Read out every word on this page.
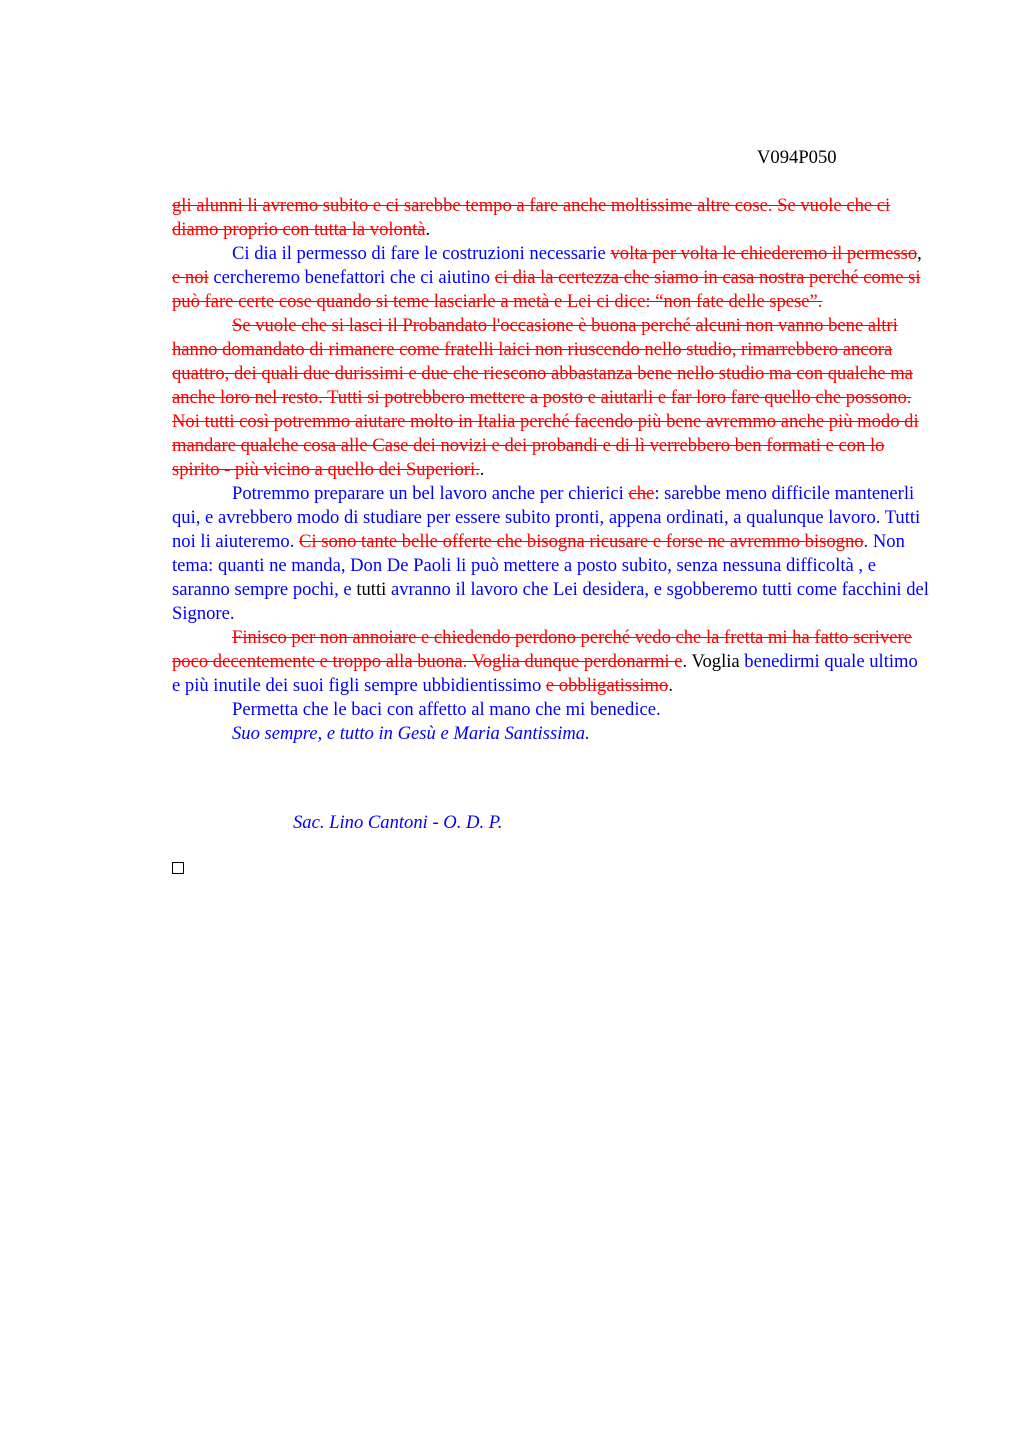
V094P050

gli alunni li avremo subito e ci sarebbe tempo a fare anche moltissime altre cose. Se vuole che ci diamo proprio con tutta la volontà.

Ci dia il permesso di fare le costruzioni necessarie volta per volta le chiederemo il permesso, e noi cercheremo benefattori che ci aiutino ci dia la certezza che siamo in casa nostra perché come si può fare certe cose quando si teme lasciarle a metà e Lei ci dice: “non fate delle spese”.

Se vuole che si lasci il Probandato l'occasione è buona perché alcuni non vanno bene altri hanno domandato di rimanere come fratelli laici non riuscendo nello studio, rimarrebbero ancora quattro, dei quali due durissimi e due che riescono abbastanza bene nello studio ma con qualche ma anche loro nel resto. Tutti si potrebbero mettere a posto e aiutarli e far loro fare quello che possono. Noi tutti così potremmo aiutare molto in Italia perché facendo più bene avremmo anche più modo di mandare qualche cosa alle Case dei novizi e dei probandi e di lì verrebbero ben formati e con lo spirito - più vicino a quello dei Superiori..

Potremmo preparare un bel lavoro anche per chierici che: sarebbe meno difficile mantenerli qui, e avrebbero modo di studiare per essere subito pronti, appena ordinati, a qualunque lavoro. Tutti noi li aiuteremo. Ci sono tante belle offerte che bisogna ricusare e forse ne avremmo bisogno. Non tema: quanti ne manda, Don De Paoli li può mettere a posto subito, senza nessuna difficoltà , e saranno sempre pochi, e tutti avranno il lavoro che Lei desidera, e sgobberemo tutti come facchini del Signore.

Finisco per non annoiare e chiedendo perdono perché vedo che la fretta mi ha fatto scrivere poco decentemente e troppo alla buona. Voglia dunque perdonarmi e. Voglia benedirmi quale ultimo e più inutile dei suoi figli sempre ubbidientissimo e obbligatissimo.

Permetta che le baci con affetto al mano che mi benedice.

Suo sempre, e tutto in Gesù e Maria Santissima.

Sac. Lino Cantoni - O. D. P.
